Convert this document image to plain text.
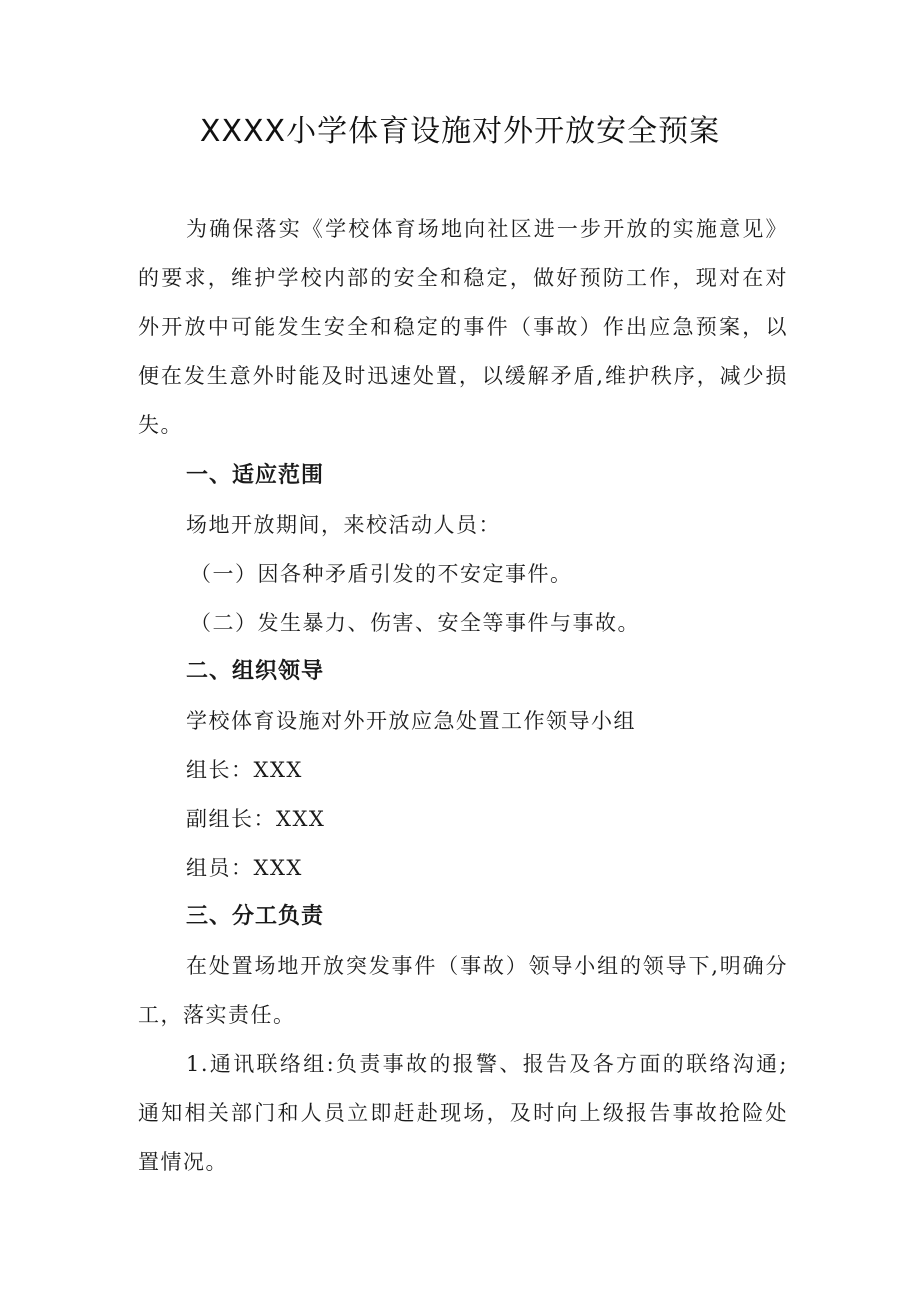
XXXX小学体育设施对外开放安全预案

为确保落实《学校体育场地向社区进一步开放的实施意见》的要求，维护学校内部的安全和稳定，做好预防工作，现对在对外开放中可能发生安全和稳定的事件（事故）作出应急预案，以便在发生意外时能及时迅速处置，以缓解矛盾,维护秩序，减少损失。

一、适应范围

场地开放期间，来校活动人员：

（一）因各种矛盾引发的不安定事件。

（二）发生暴力、伤害、安全等事件与事故。

二、组织领导

学校体育设施对外开放应急处置工作领导小组

组长：XXX

副组长：XXX

组员：XXX

三、分工负责

在处置场地开放突发事件（事故）领导小组的领导下,明确分工，落实责任。

1.通讯联络组:负责事故的报警、报告及各方面的联络沟通;通知相关部门和人员立即赶赴现场，及时向上级报告事故抢险处置情况。
